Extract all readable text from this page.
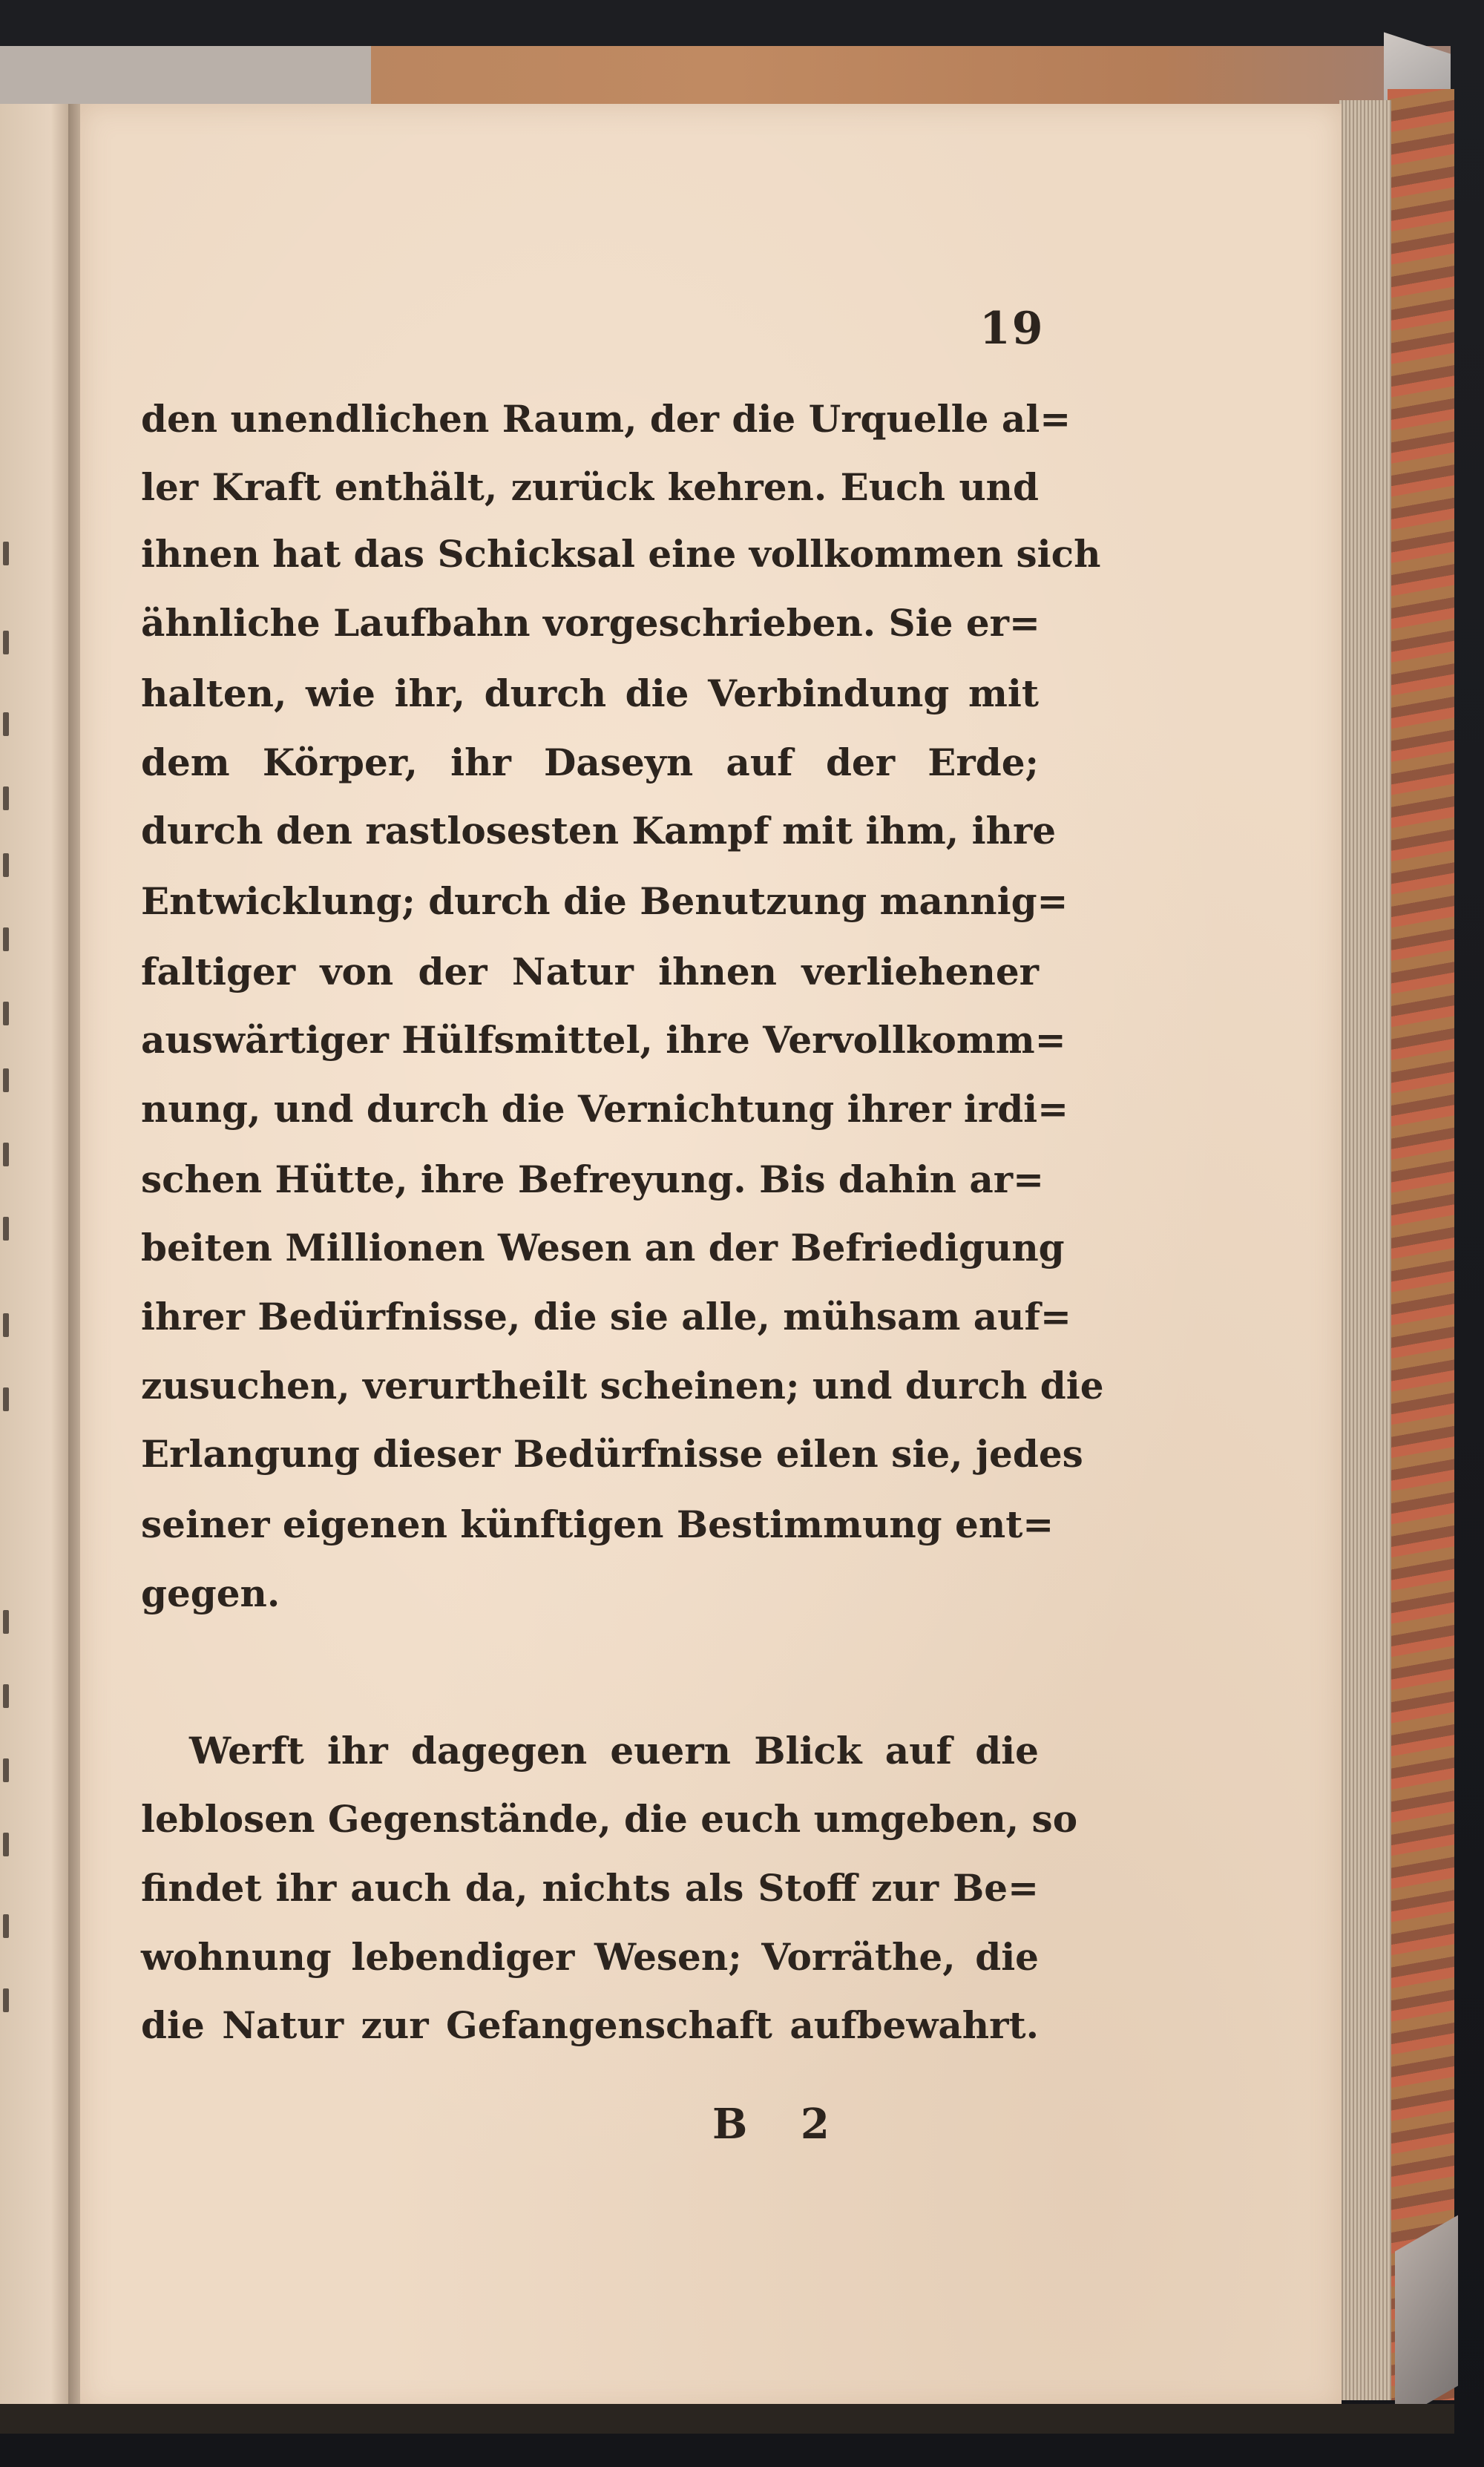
19
den unendlichen Raum, der die Urquelle al=
ler Kraft enthält, zurück kehren. Euch und
ihnen hat das Schicksal eine vollkommen sich
ähnliche Laufbahn vorgeschrieben. Sie er=
halten, wie ihr, durch die Verbindung mit
dem Körper, ihr Daseyn auf der Erde;
durch den rastlosesten Kampf mit ihm, ihre
Entwicklung; durch die Benutzung mannig=
faltiger von der Natur ihnen verliehener
auswärtiger Hülfsmittel, ihre Vervollkomm=
nung, und durch die Vernichtung ihrer irdi=
schen Hütte, ihre Befreyung. Bis dahin ar=
beiten Millionen Wesen an der Befriedigung
ihrer Bedürfnisse, die sie alle, mühsam auf=
zusuchen, verurtheilt scheinen; und durch die
Erlangung dieser Bedürfnisse eilen sie, jedes
seiner eigenen künftigen Bestimmung ent=
gegen.
Werft ihr dagegen euern Blick auf die
leblosen Gegenstände, die euch umgeben, so
findet ihr auch da, nichts als Stoff zur Be=
wohnung lebendiger Wesen; Vorräthe, die
die Natur zur Gefangenschaft aufbewahrt.
B 2
